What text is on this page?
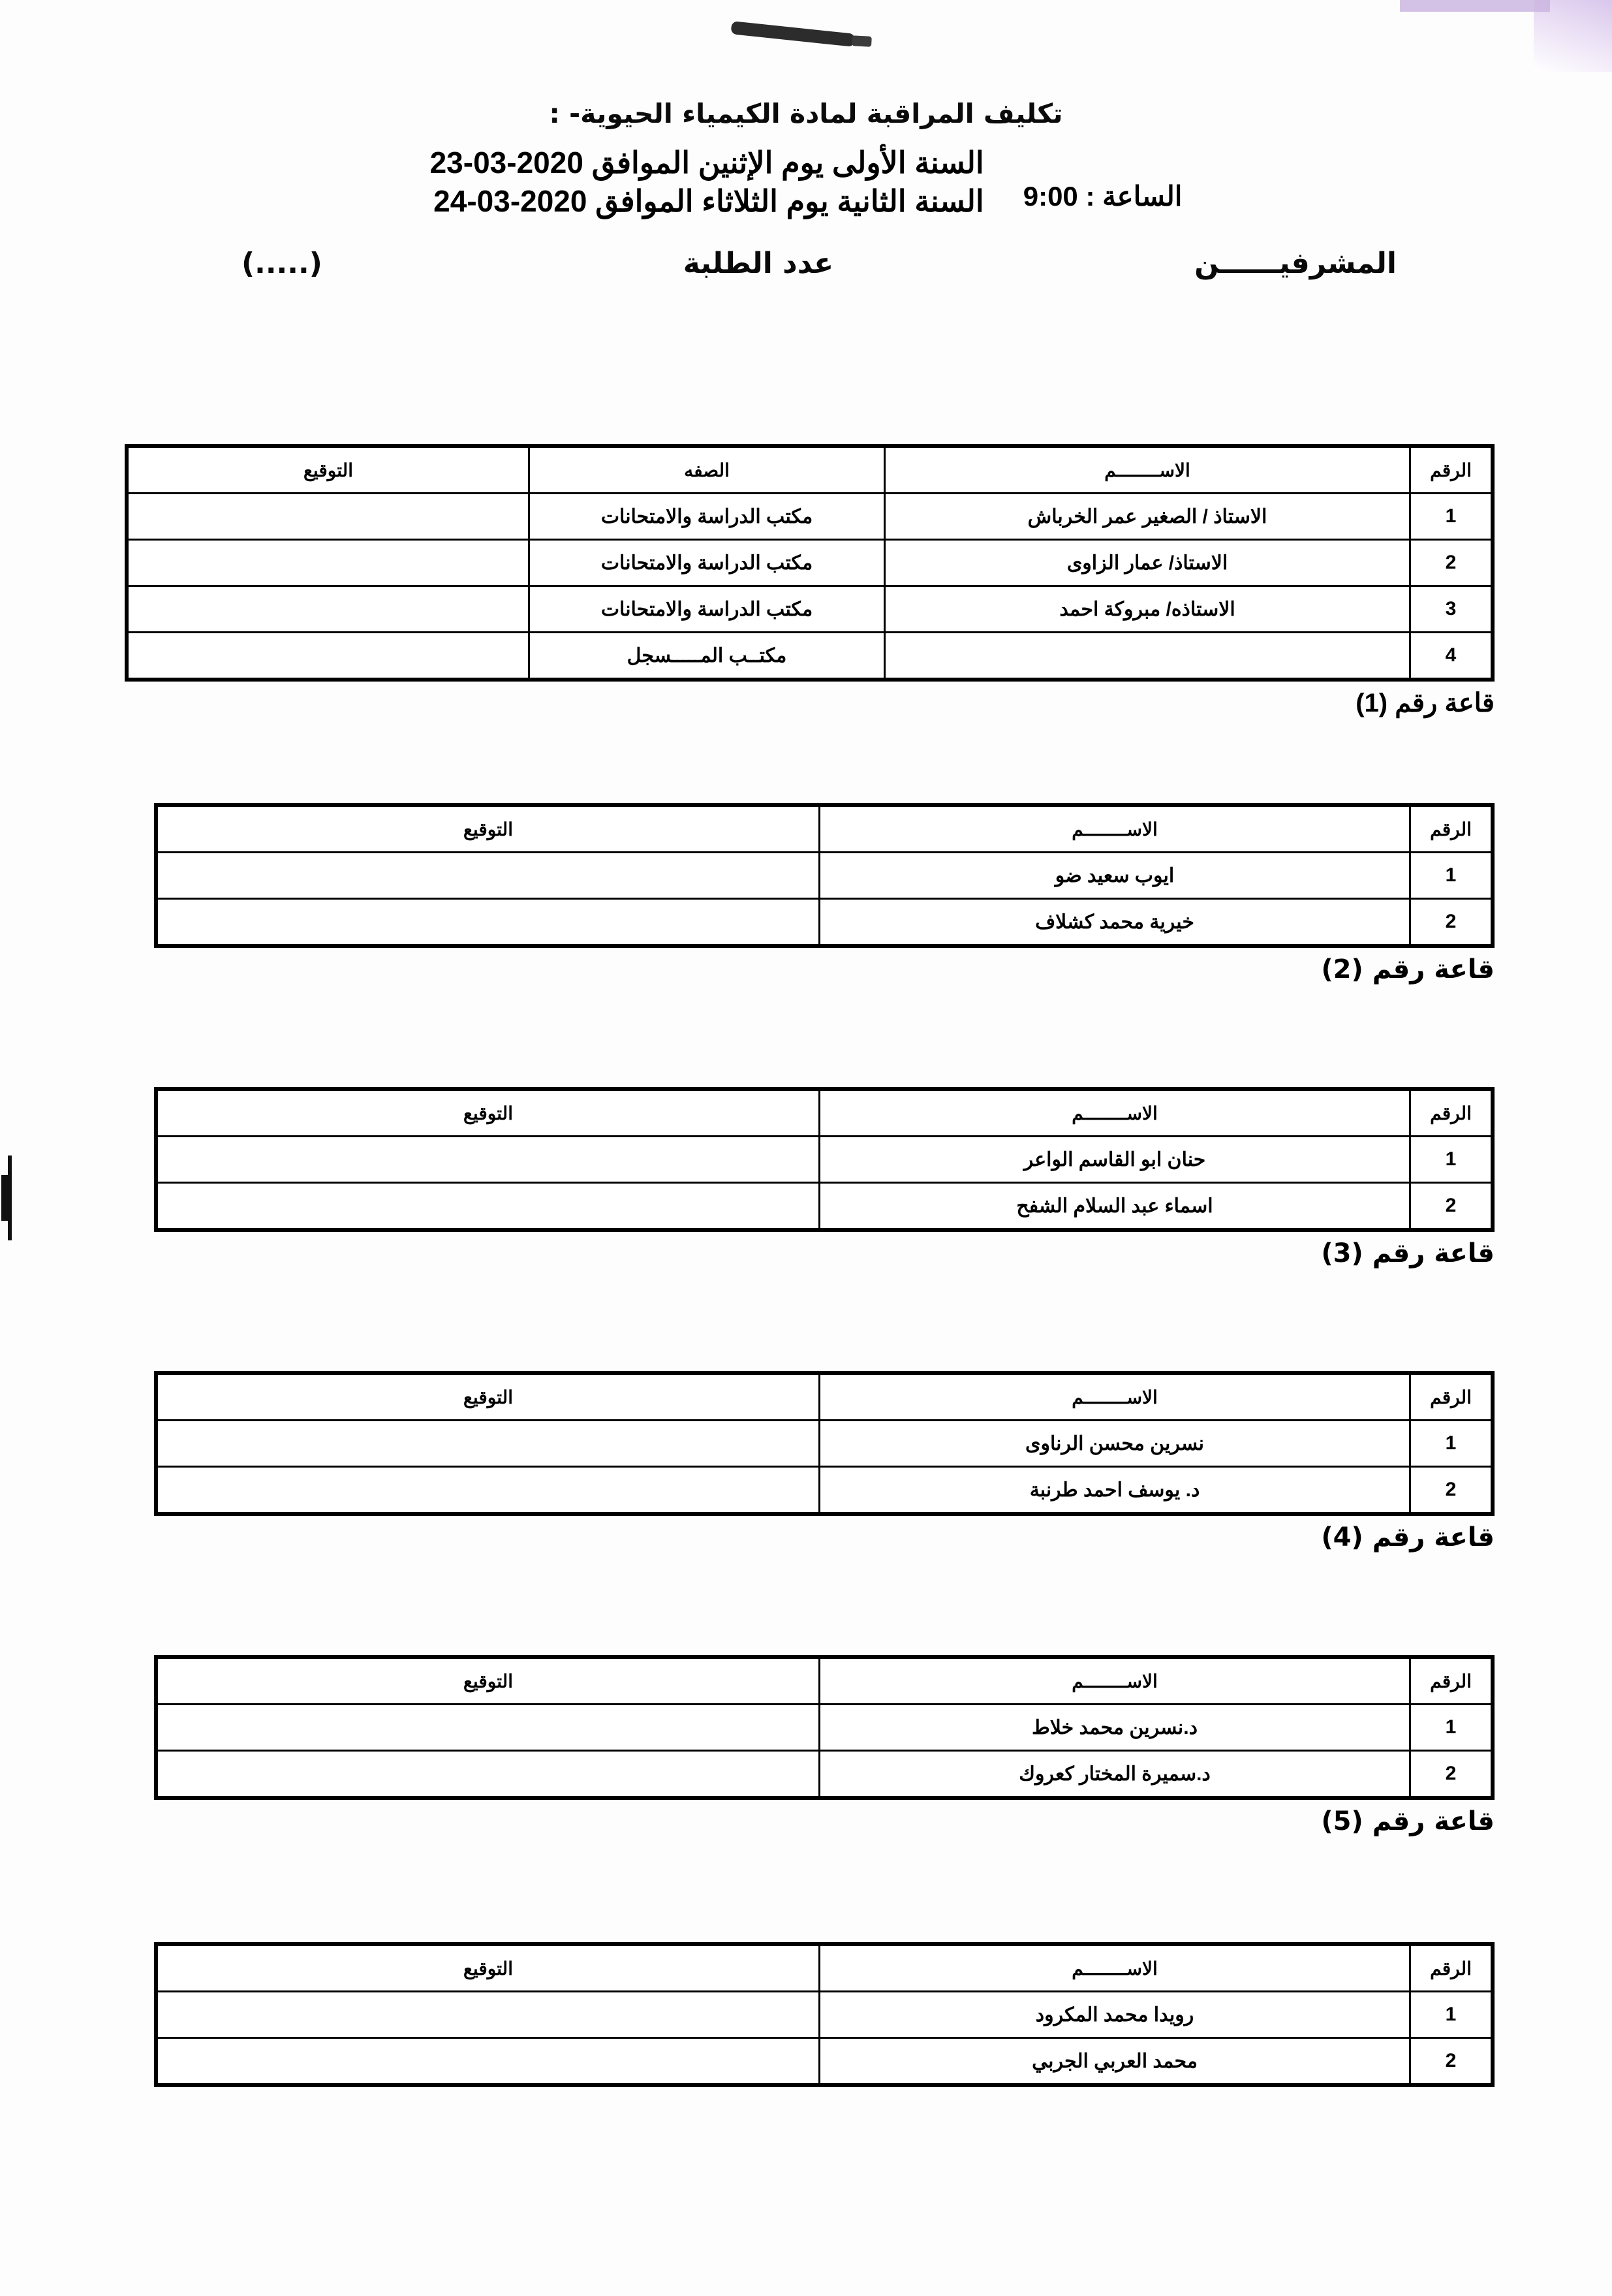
تكليف المراقبة لمادة الكيمياء الحيوية- :
السنة الأولى يوم الإثنين الموافق 2020-03-23
السنة الثانية يوم الثلاثاء الموافق 2020-03-24 الساعة : 9:00
المشرفيــــــن
عدد الطلبة
(.....)
الرقم	الاســــــــم	الصفه	التوقيع
1	الاستاذ / الصغير عمر الخرباش	مكتب الدراسة والامتحانات	
2	الاستاذ/ عمار الزاوى	مكتب الدراسة والامتحانات	
3	الاستاذه/ مبروكة احمد	مكتب الدراسة والامتحانات	
4		مكتــب المـــــسجل	
قاعة رقم (1)
الرقم	الاســــــــم	التوقيع
1	ايوب سعيد ضو	
2	خيرية محمد كشلاف	
قاعة رقم (2)
الرقم	الاســــــــم	التوقيع
1	حنان ابو القاسم الواعر	
2	اسماء عبد السلام الشفح	
قاعة رقم (3)
الرقم	الاســــــــم	التوقيع
1	نسرين محسن الرناوى	
2	د. يوسف احمد طرنبة	
قاعة رقم (4)
الرقم	الاســــــــم	التوقيع
1	د.نسرين محمد خلاط	
2	د.سميرة المختار كعروك	
قاعة رقم (5)
الرقم	الاســــــــم	التوقيع
1	رويدا محمد المكرود	
2	محمد العربي الجربي	
